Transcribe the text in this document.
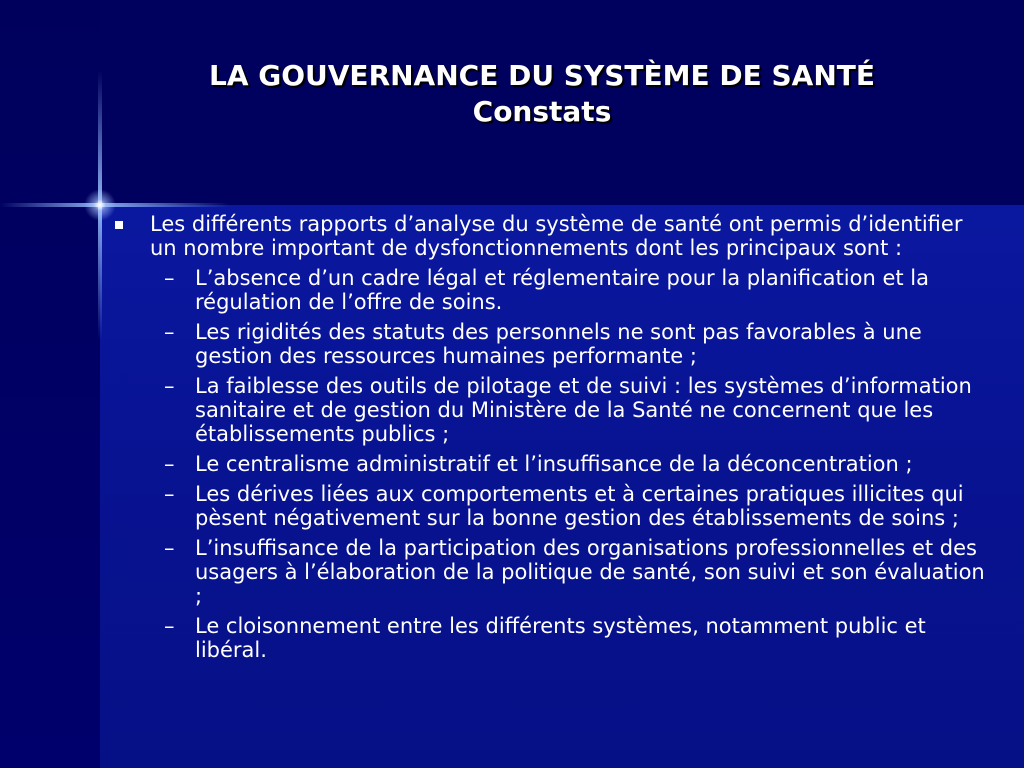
LA GOUVERNANCE DU SYSTÈME DE SANTÉ
Constats
Les différents rapports d’analyse du système de santé ont permis d’identifier un nombre important de dysfonctionnements dont les principaux sont :
– L’absence d’un cadre légal et réglementaire pour la planification et la régulation de l’offre de soins.
– Les rigidités des statuts des personnels ne sont pas favorables à une gestion des ressources humaines performante ;
– La faiblesse des outils de pilotage et de suivi : les systèmes d’information sanitaire et de gestion du Ministère de la Santé ne concernent que les établissements publics ;
– Le centralisme administratif et l’insuffisance de la déconcentration ;
– Les dérives liées aux comportements et à certaines pratiques illicites qui pèsent négativement sur la bonne gestion des établissements de soins ;
– L’insuffisance de la participation des organisations professionnelles et des usagers à l’élaboration de la politique de santé, son suivi et son évaluation ;
– Le cloisonnement entre les différents systèmes, notamment public et libéral.
